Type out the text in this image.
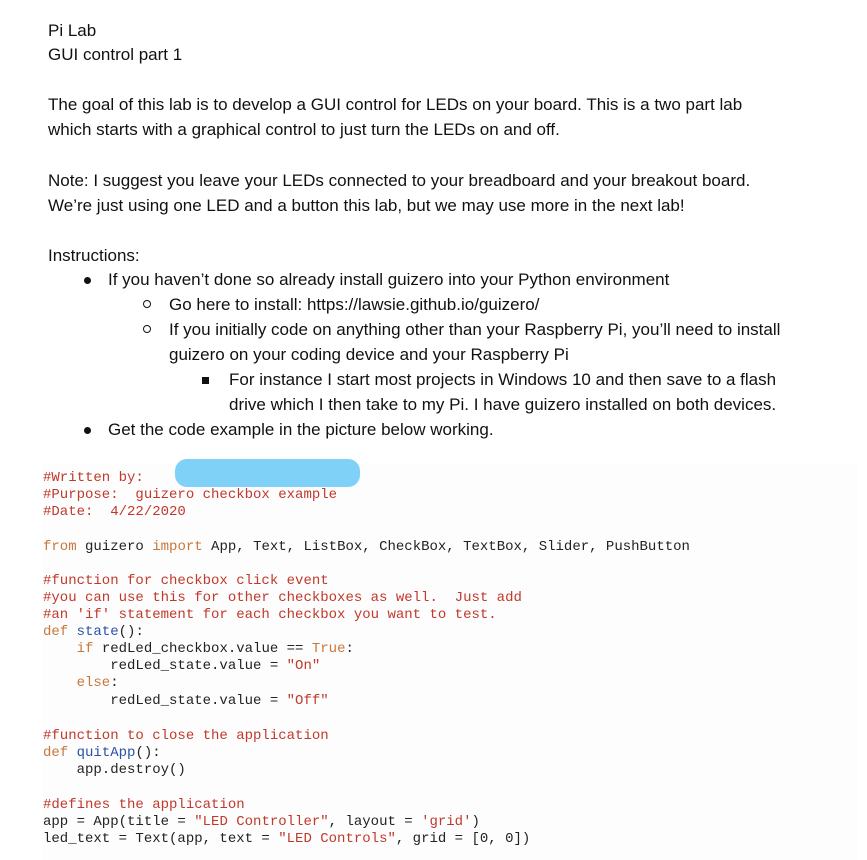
Pi Lab
GUI control part 1
The goal of this lab is to develop a GUI control for LEDs on your board. This is a two part lab
which starts with a graphical control to just turn the LEDs on and off.
Note: I suggest you leave your LEDs connected to your breadboard and your breakout board.
We’re just using one LED and a button this lab, but we may use more in the next lab!
Instructions:
If you haven’t done so already install guizero into your Python environment
Go here to install: https://lawsie.github.io/guizero/
If you initially code on anything other than your Raspberry Pi, you’ll need to install
guizero on your coding device and your Raspberry Pi
For instance I start most projects in Windows 10 and then save to a flash
drive which I then take to my Pi. I have guizero installed on both devices.
Get the code example in the picture below working.
#Written by:
#Purpose:  guizero checkbox example
#Date:  4/22/2020
from guizero import App, Text, ListBox, CheckBox, TextBox, Slider, PushButton
#function for checkbox click event
#you can use this for other checkboxes as well.  Just add
#an 'if' statement for each checkbox you want to test.
def state():
if redLed_checkbox.value == True:
redLed_state.value = "On"
else:
redLed_state.value = "Off"
#function to close the application
def quitApp():
app.destroy()
#defines the application
app = App(title = "LED Controller", layout = 'grid')
led_text = Text(app, text = "LED Controls", grid = [0, 0])
